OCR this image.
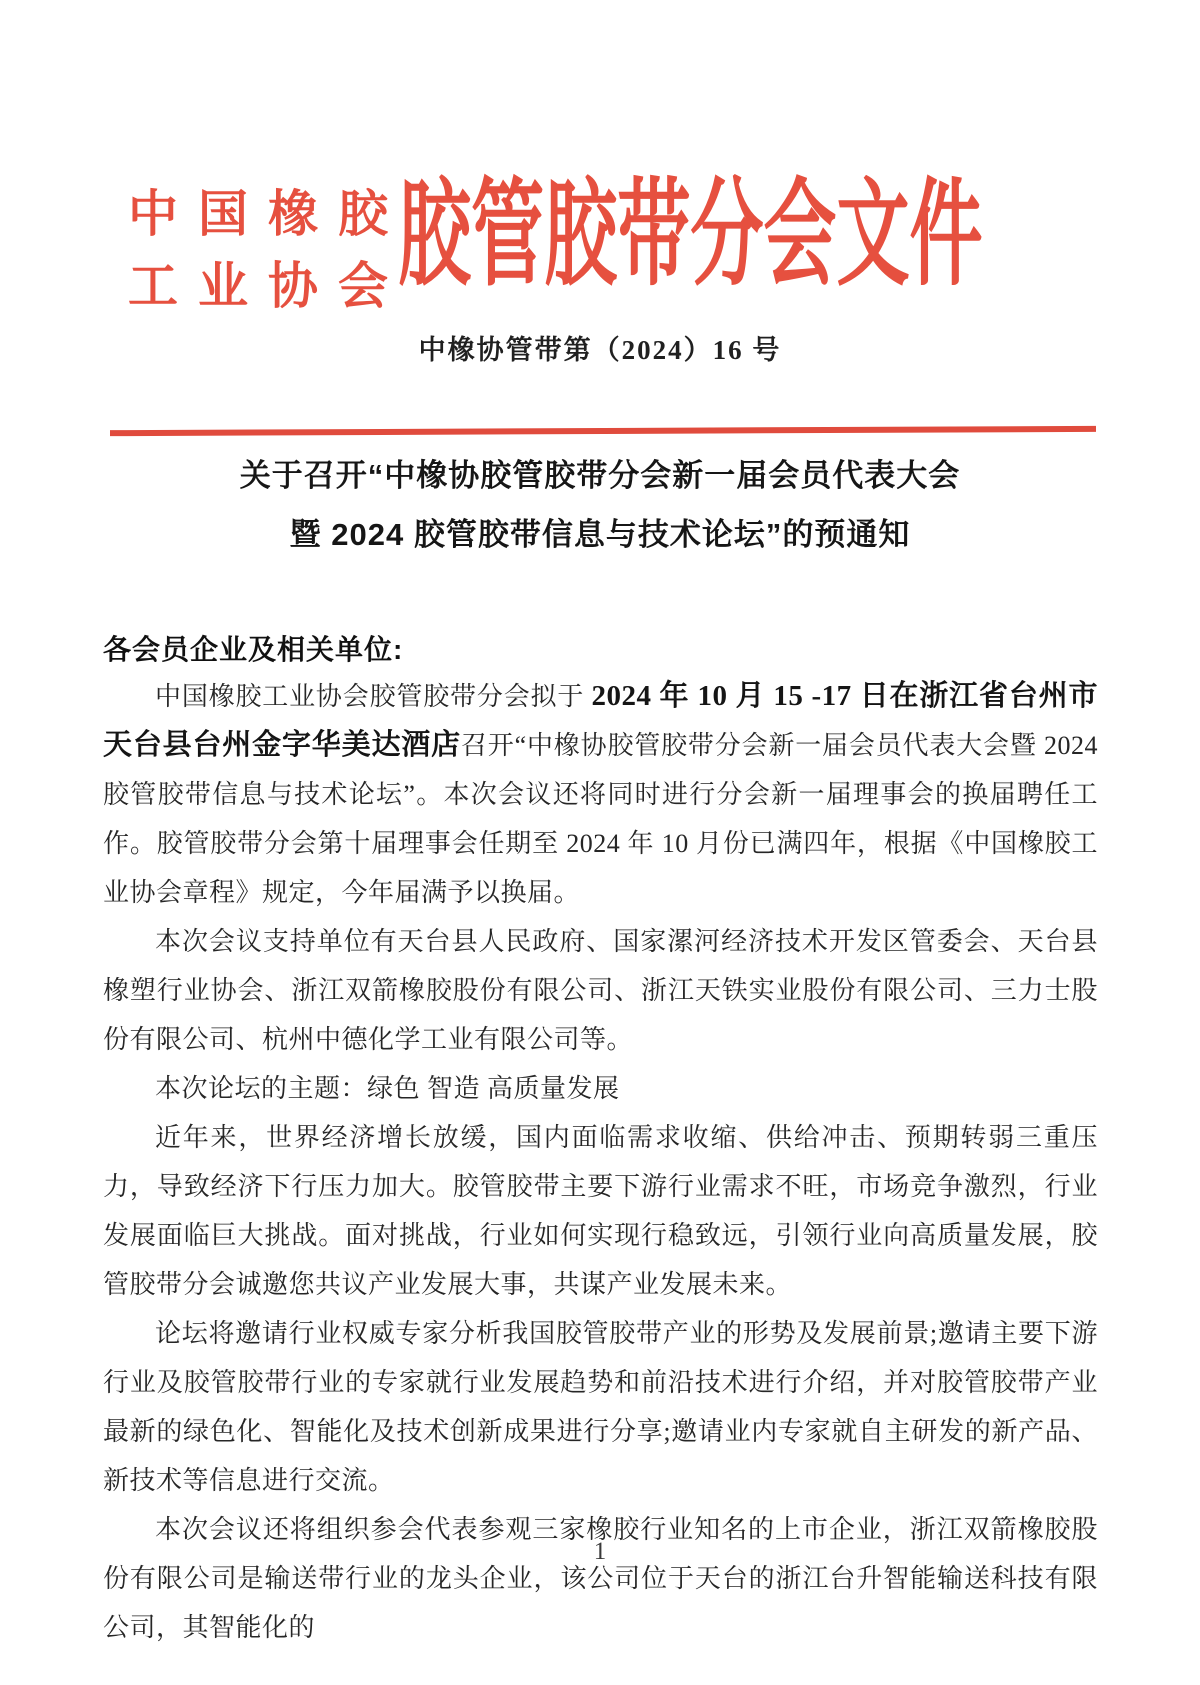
中国橡胶
工业协会
胶管胶带分会文件
中橡协管带第（2024）16 号
关于召开“中橡协胶管胶带分会新一届会员代表大会
暨 2024 胶管胶带信息与技术论坛”的预通知
各会员企业及相关单位:

中国橡胶工业协会胶管胶带分会拟于 2024 年 10 月 15 -17 日在浙江省台州市天台县台州金字华美达酒店召开“中橡协胶管胶带分会新一届会员代表大会暨 2024 胶管胶带信息与技术论坛”。本次会议还将同时进行分会新一届理事会的换届聘任工作。胶管胶带分会第十届理事会任期至 2024 年 10 月份已满四年，根据《中国橡胶工业协会章程》规定，今年届满予以换届。

本次会议支持单位有天台县人民政府、国家漯河经济技术开发区管委会、天台县橡塑行业协会、浙江双箭橡胶股份有限公司、浙江天铁实业股份有限公司、三力士股份有限公司、杭州中德化学工业有限公司等。

本次论坛的主题：绿色 智造 高质量发展

近年来，世界经济增长放缓，国内面临需求收缩、供给冲击、预期转弱三重压力，导致经济下行压力加大。胶管胶带主要下游行业需求不旺，市场竞争激烈，行业发展面临巨大挑战。面对挑战，行业如何实现行稳致远，引领行业向高质量发展，胶管胶带分会诚邀您共议产业发展大事，共谋产业发展未来。

论坛将邀请行业权威专家分析我国胶管胶带产业的形势及发展前景;邀请主要下游行业及胶管胶带行业的专家就行业发展趋势和前沿技术进行介绍，并对胶管胶带产业最新的绿色化、智能化及技术创新成果进行分享;邀请业内专家就自主研发的新产品、新技术等信息进行交流。

本次会议还将组织参会代表参观三家橡胶行业知名的上市企业，浙江双箭橡胶股份有限公司是输送带行业的龙头企业，该公司位于天台的浙江台升智能输送科技有限公司，其智能化的

1
